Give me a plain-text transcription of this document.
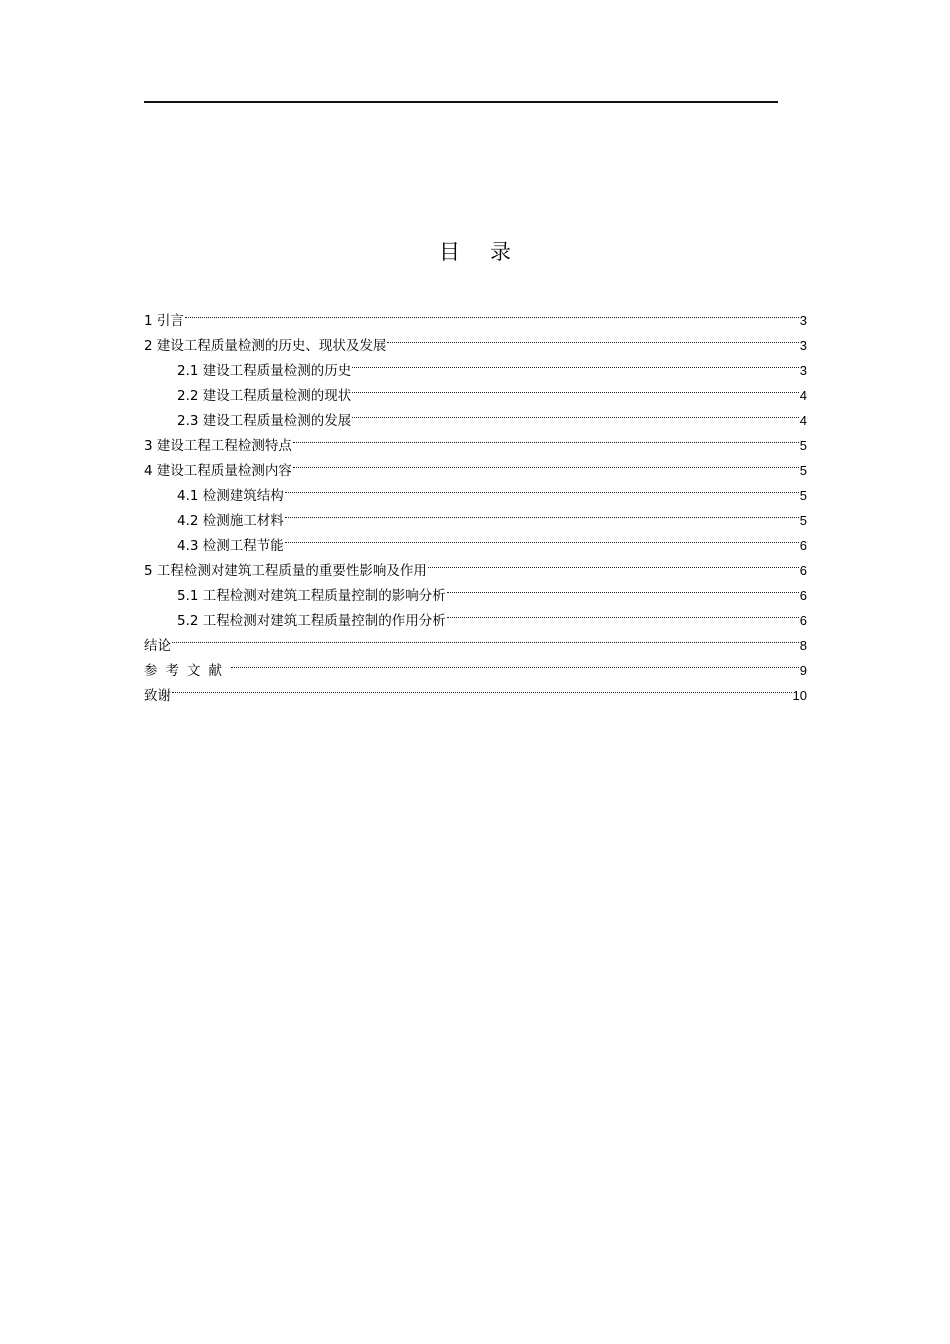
目录
1 引言	3
2 建设工程质量检测的历史、现状及发展	3
2.1 建设工程质量检测的历史	3
2.2 建设工程质量检测的现状	4
2.3 建设工程质量检测的发展	4
3 建设工程工程检测特点	5
4 建设工程质量检测内容	5
4.1 检测建筑结构	5
4.2 检测施工材料	5
4.3 检测工程节能	6
5 工程检测对建筑工程质量的重要性影响及作用	6
5.1 工程检测对建筑工程质量控制的影响分析	6
5.2 工程检测对建筑工程质量控制的作用分析	6
结论	8
参考文献	9
致谢	10
